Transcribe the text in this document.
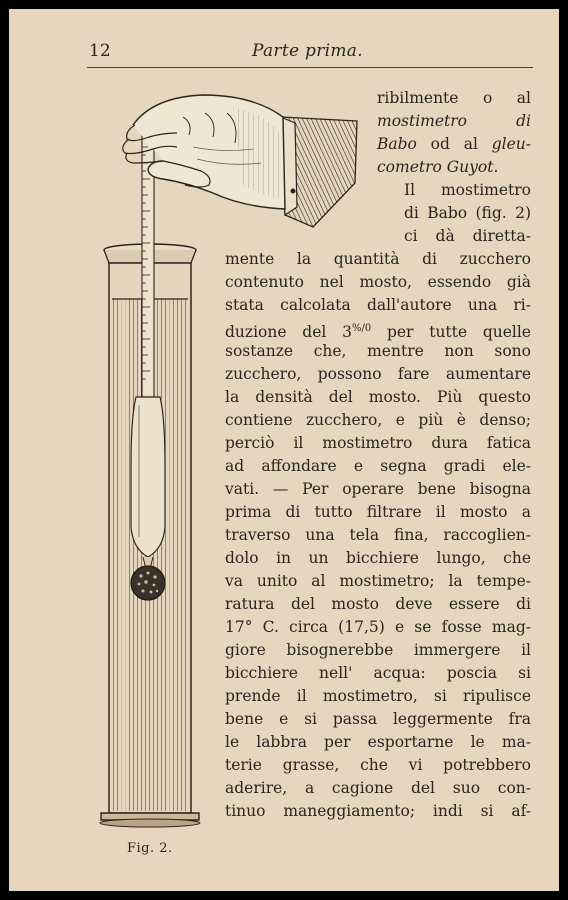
12	Parte prima.
Fig. 2.
ribilmente o al
mostimetro di
Babo od al gleu-
cometro Guyot.
Il mostimetro
di Babo (fig. 2)
ci dà diretta-
mente la quantità di zucchero
contenuto nel mosto, essendo già
stata calcolata dall'autore una ri-
duzione del $3^{\%/0}$ per tutte quelle
sostanze che, mentre non sono
zucchero, possono fare aumentare
la densità del mosto. Più questo
contiene zucchero, e più è denso;
perciò il mostimetro dura fatica
ad affondare e segna gradi ele-
vati. — Per operare bene bisogna
prima di tutto filtrare il mosto a
traverso una tela fina, raccoglien-
dolo in un bicchiere lungo, che
va unito al mostimetro; la tempe-
ratura del mosto deve essere di
17° C. circa (17,5) e se fosse mag-
giore bisognerebbe immergere il
bicchiere nell' acqua: poscia si
prende il mostimetro, si ripulisce
bene e si passa leggermente fra
le labbra per esportarne le ma-
terie grasse, che vi potrebbero
aderire, a cagione del suo con-
tinuo maneggiamento; indi si af-
